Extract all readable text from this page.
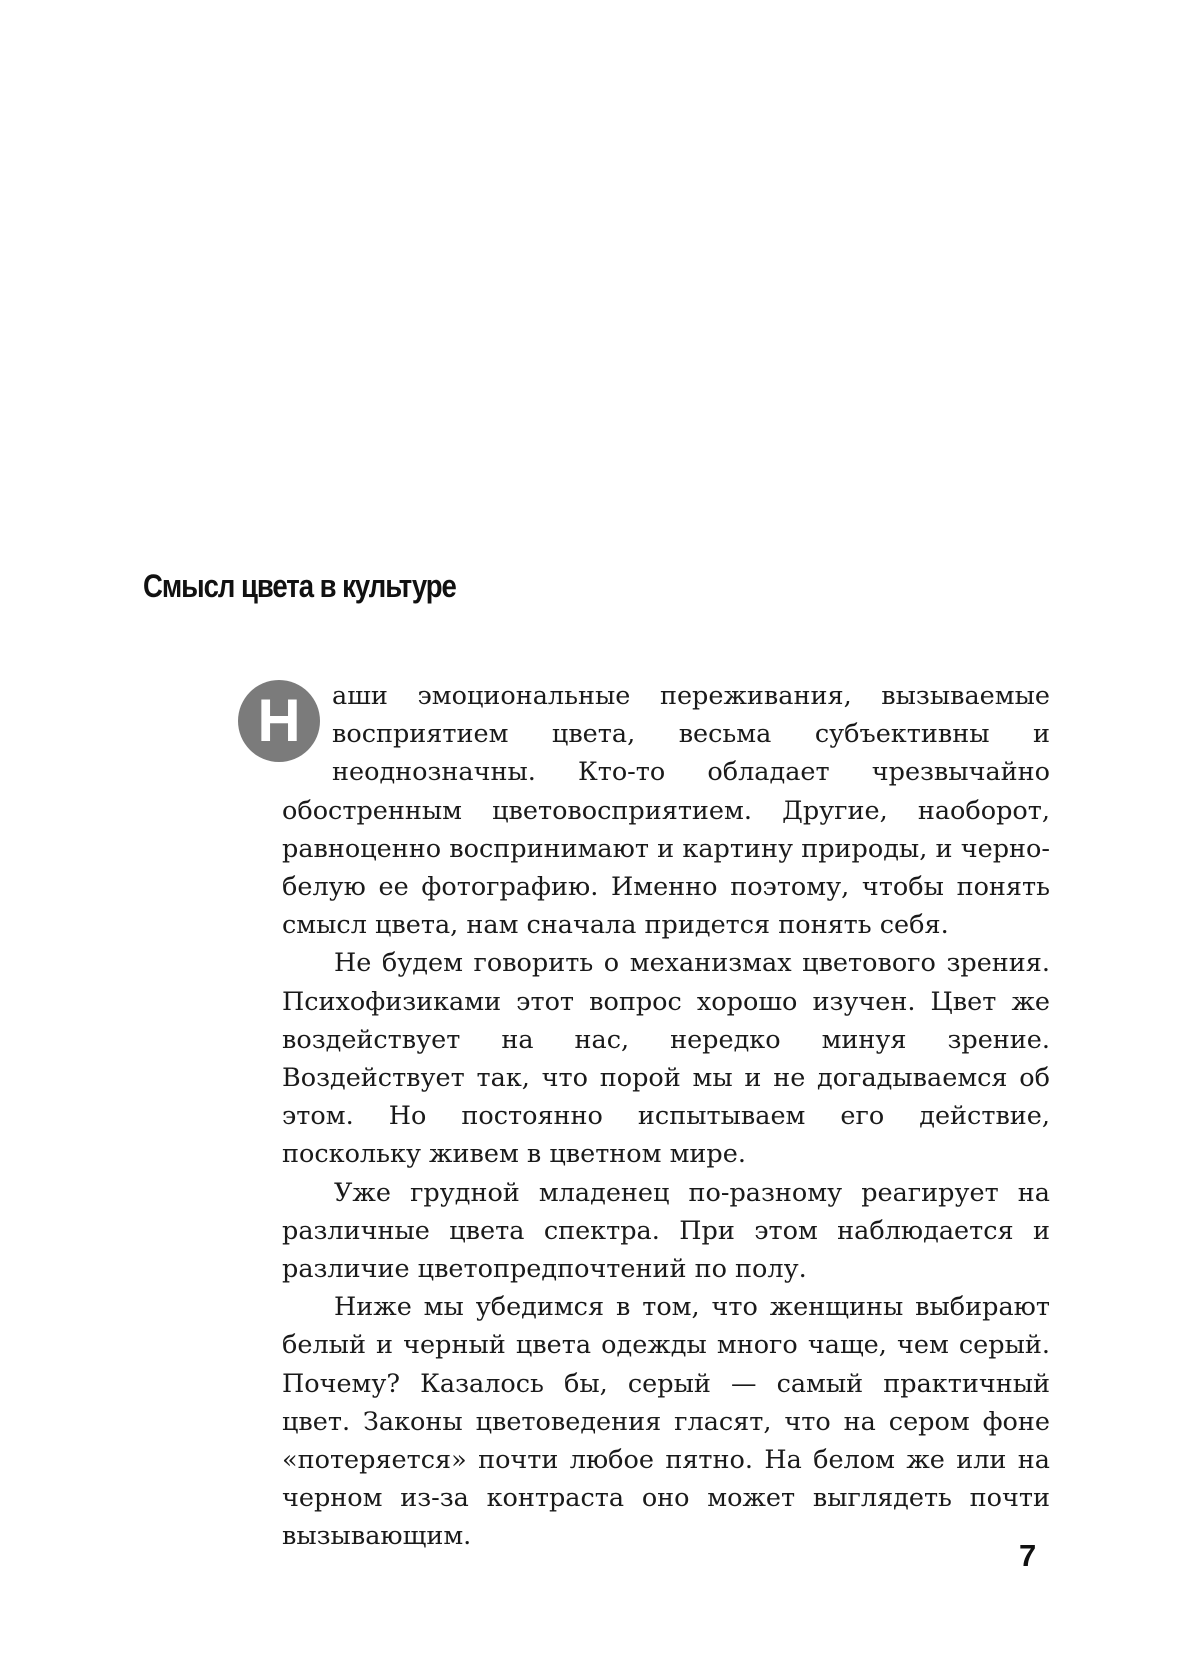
Смысл цвета в культуре

Н	аши эмоциональные переживания, вызываемые восприятием цвета, весьма субъективны и неоднозначны. Кто-то обладает чрезвычайно обостренным цветовосприятием. Другие, наоборот, равноценно воспринимают и картину природы, и черно-белую ее фотографию. Именно поэтому, чтобы понять смысл цвета, нам сначала придется понять себя.

Не будем говорить о механизмах цветового зрения. Психофизиками этот вопрос хорошо изучен. Цвет же воздействует на нас, нередко минуя зрение. Воздействует так, что порой мы и не догадываемся об этом. Но постоянно испытываем его действие, поскольку живем в цветном мире.

Уже грудной младенец по-разному реагирует на различные цвета спектра. При этом наблюдается и различие цветопредпочтений по полу.

Ниже мы убедимся в том, что женщины выбирают белый и черный цвета одежды много чаще, чем серый. Почему? Казалось бы, серый — самый практичный цвет. Законы цветоведения гласят, что на сером фоне «потеряется» почти любое пятно. На белом же или на черном из-за контраста оно может выглядеть почти вызывающим.

7
